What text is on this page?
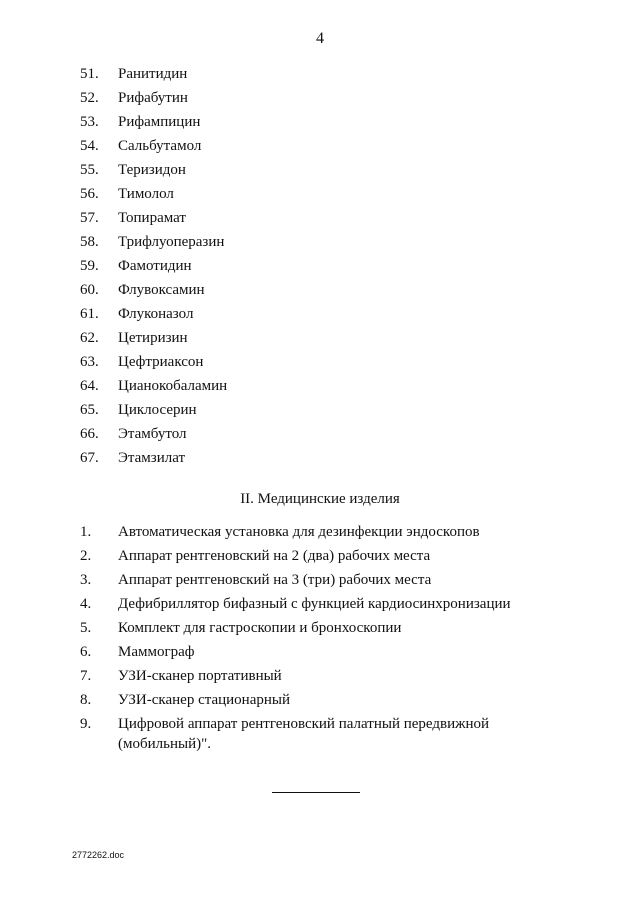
4
51.	Ранитидин
52.	Рифабутин
53.	Рифампицин
54.	Сальбутамол
55.	Теризидон
56.	Тимолол
57.	Топирамат
58.	Трифлуоперазин
59.	Фамотидин
60.	Флувоксамин
61.	Флуконазол
62.	Цетиризин
63.	Цефтриаксон
64.	Цианокобаламин
65.	Циклосерин
66.	Этамбутол
67.	Этамзилат
II. Медицинские изделия
1.	Автоматическая установка для дезинфекции эндоскопов
2.	Аппарат рентгеновский на 2 (два) рабочих места
3.	Аппарат рентгеновский на 3 (три) рабочих места
4.	Дефибриллятор бифазный с функцией кардиосинхронизации
5.	Комплект для гастроскопии и бронхоскопии
6.	Маммограф
7.	УЗИ-сканер портативный
8.	УЗИ-сканер стационарный
9.	Цифровой аппарат рентгеновский палатный передвижной (мобильный)".
2772262.doc
